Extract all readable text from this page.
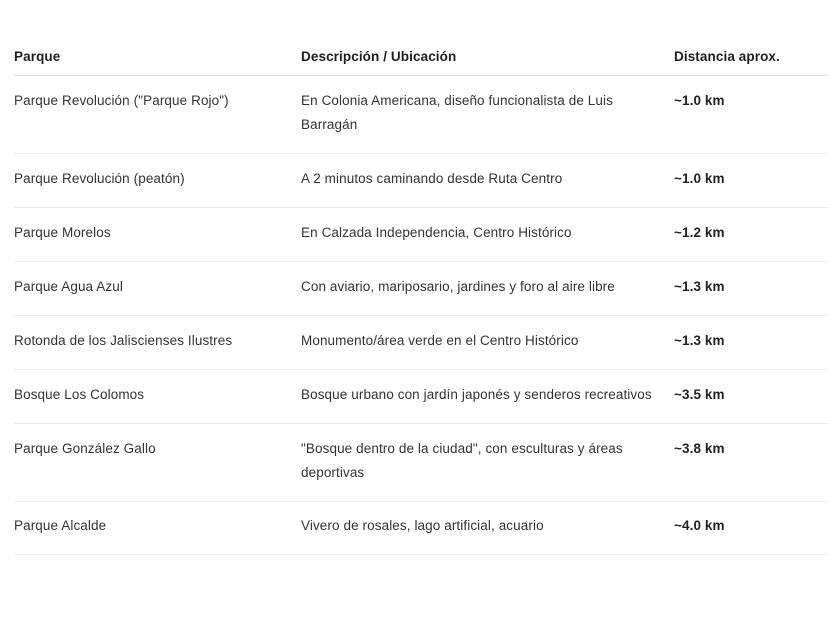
Parque	Descripción / Ubicación	Distancia aprox.
Parque Revolución ("Parque Rojo")	En Colonia Americana, diseño funcionalista de Luis Barragán	~1.0 km
Parque Revolución (peatón)	A 2 minutos caminando desde Ruta Centro	~1.0 km
Parque Morelos	En Calzada Independencia, Centro Histórico	~1.2 km
Parque Agua Azul	Con aviario, mariposario, jardines y foro al aire libre	~1.3 km
Rotonda de los Jaliscienses Ilustres	Monumento/área verde en el Centro Histórico	~1.3 km
Bosque Los Colomos	Bosque urbano con jardín japonés y senderos recreativos	~3.5 km
Parque González Gallo	"Bosque dentro de la ciudad", con esculturas y áreas deportivas	~3.8 km
Parque Alcalde	Vivero de rosales, lago artificial, acuario	~4.0 km
